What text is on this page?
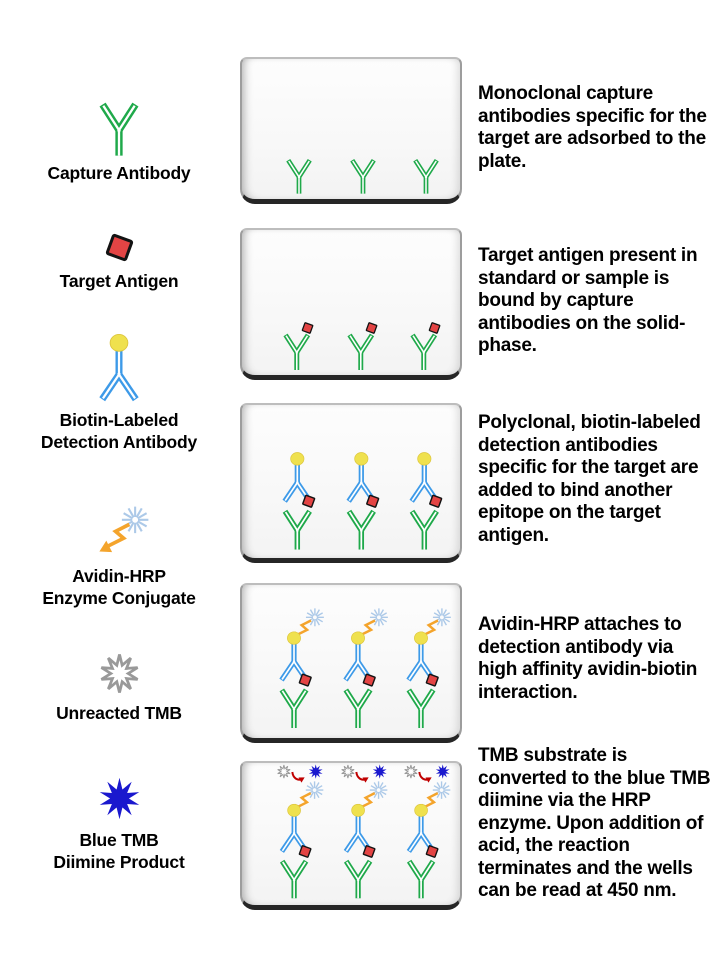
Capture Antibody
Target Antigen
Biotin-Labeled
Detection Antibody
Avidin-HRP
Enzyme Conjugate
Unreacted TMB
Blue TMB
Diimine Product
Monoclonal capture antibodies specific for the target are adsorbed to the plate.
Target antigen present in standard or sample is bound by capture antibodies on the solid-phase.
Polyclonal, biotin-labeled detection antibodies specific for the target are added to bind another epitope on the target antigen.
Avidin-HRP attaches to detection antibody via high affinity avidin-biotin interaction.
TMB substrate is converted to the blue TMB diimine via the HRP enzyme. Upon addition of acid, the reaction terminates and the wells can be read at 450 nm.
